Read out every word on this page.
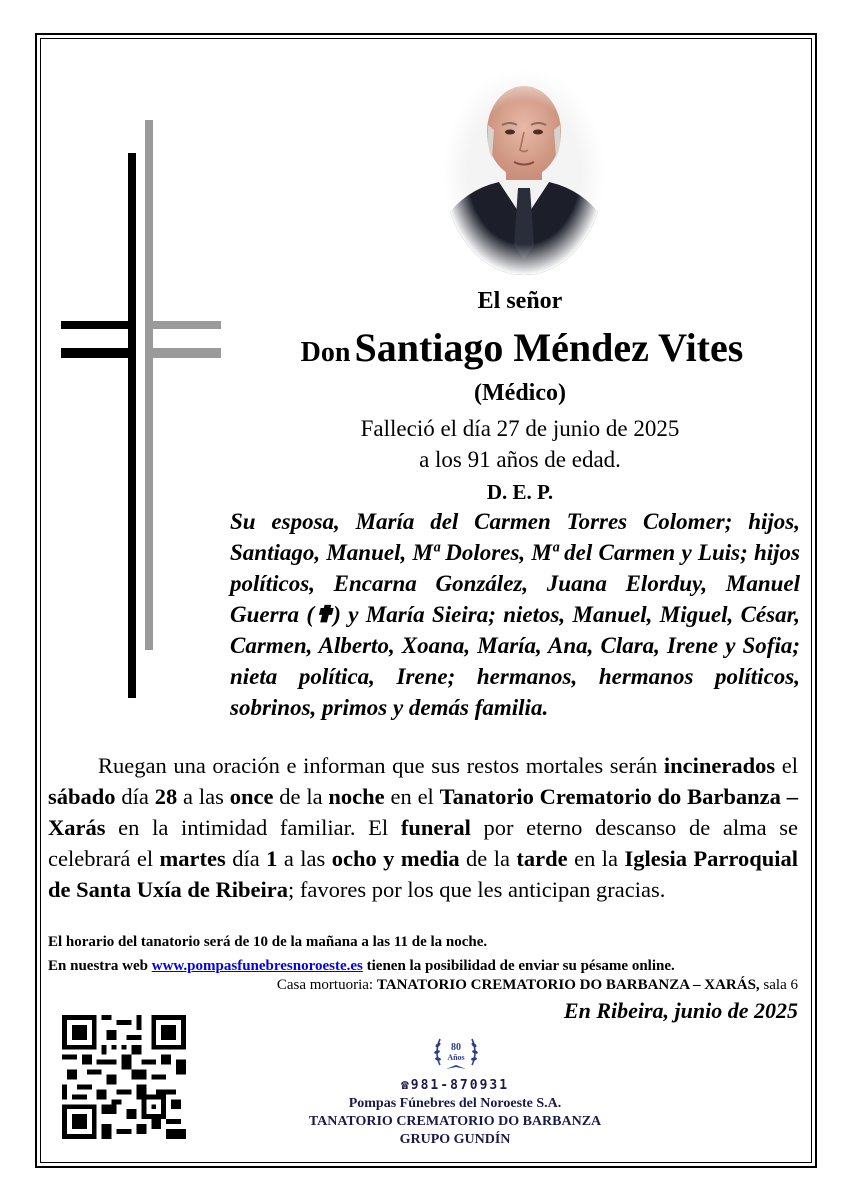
El señor
Don Santiago Méndez Vites
(Médico)
Falleció el día 27 de junio de 2025
a los 91 años de edad.
D. E. P.

Su esposa, María del Carmen Torres Colomer; hijos, Santiago, Manuel, Mª Dolores, Mª del Carmen y Luis; hijos políticos, Encarna González, Juana Elorduy, Manuel Guerra (✟) y María Sieira; nietos, Manuel, Miguel, César, Carmen, Alberto, Xoana, María, Ana, Clara, Irene y Sofia; nieta política, Irene; hermanos, hermanos políticos, sobrinos, primos y demás familia.

Ruegan una oración e informan que sus restos mortales serán incinerados el sábado día 28 a las once de la noche en el Tanatorio Crematorio do Barbanza – Xarás en la intimidad familiar. El funeral por eterno descanso de alma se celebrará el martes día 1 a las ocho y media de la tarde en la Iglesia Parroquial de Santa Uxía de Ribeira; favores por los que les anticipan gracias.

El horario del tanatorio será de 10 de la mañana a las 11 de la noche.
En nuestra web www.pompasfunebresnoroeste.es tienen la posibilidad de enviar su pésame online.
Casa mortuoria: TANATORIO CREMATORIO DO BARBANZA – XARÁS, sala 6
En Ribeira, junio de 2025
80
Años
☎981-870931
Pompas Fúnebres del Noroeste S.A.
TANATORIO CREMATORIO DO BARBANZA
GRUPO GUNDÍN
